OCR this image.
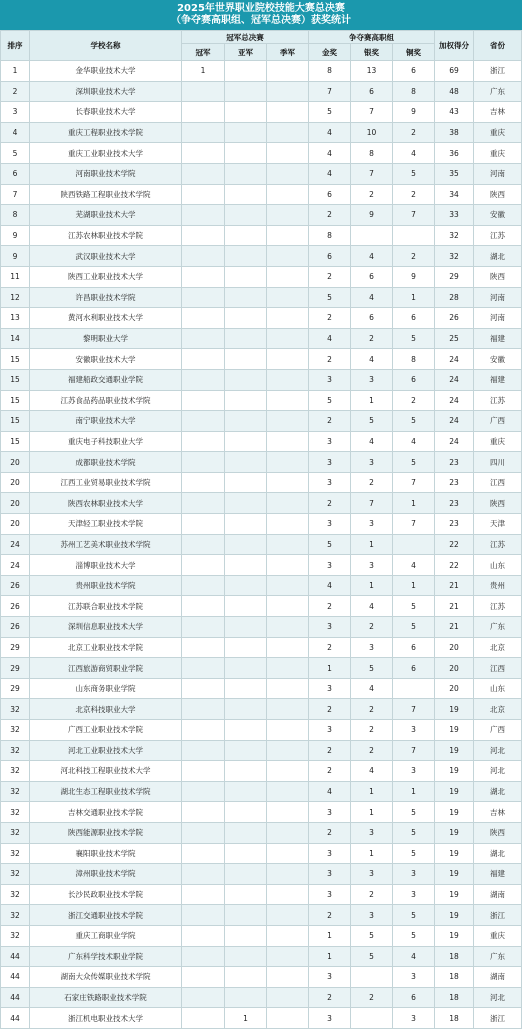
2025年世界职业院校技能大赛总决赛
（争夺赛高职组、冠军总决赛）获奖统计
排序	学校名称	冠军总决赛			争夺赛高职组			加权得分	省份
		冠军	亚军	季军	金奖	银奖	铜奖		
1	金华职业技术大学	1			8	13	6	69	浙江
2	深圳职业技术大学				7	6	8	48	广东
3	长春职业技术大学				5	7	9	43	吉林
4	重庆工程职业技术学院				4	10	2	38	重庆
5	重庆工业职业技术大学				4	8	4	36	重庆
6	河南职业技术学院				4	7	5	35	河南
7	陕西铁路工程职业技术学院				6	2	2	34	陕西
8	芜湖职业技术大学				2	9	7	33	安徽
9	江苏农林职业技术学院				8			32	江苏
9	武汉职业技术大学				6	4	2	32	湖北
11	陕西工业职业技术大学				2	6	9	29	陕西
12	许昌职业技术学院				5	4	1	28	河南
13	黄河水利职业技术大学				2	6	6	26	河南
14	黎明职业大学				4	2	5	25	福建
15	安徽职业技术大学				2	4	8	24	安徽
15	福建船政交通职业学院				3	3	6	24	福建
15	江苏食品药品职业技术学院				5	1	2	24	江苏
15	南宁职业技术大学				2	5	5	24	广西
15	重庆电子科技职业大学				3	4	4	24	重庆
20	成都职业技术学院				3	3	5	23	四川
20	江西工业贸易职业技术学院				3	2	7	23	江西
20	陕西农林职业技术大学				2	7	1	23	陕西
20	天津轻工职业技术学院				3	3	7	23	天津
24	苏州工艺美术职业技术学院				5	1		22	江苏
24	淄博职业技术大学				3	3	4	22	山东
26	贵州职业技术学院				4	1	1	21	贵州
26	江苏联合职业技术学院				2	4	5	21	江苏
26	深圳信息职业技术大学				3	2	5	21	广东
29	北京工业职业技术学院				2	3	6	20	北京
29	江西旅游商贸职业学院				1	5	6	20	江西
29	山东商务职业学院				3	4		20	山东
32	北京科技职业大学				2	2	7	19	北京
32	广西工业职业技术学院				3	2	3	19	广西
32	河北工业职业技术大学				2	2	7	19	河北
32	河北科技工程职业技术大学				2	4	3	19	河北
32	湖北生态工程职业技术学院				4	1	1	19	湖北
32	吉林交通职业技术学院				3	1	5	19	吉林
32	陕西能源职业技术学院				2	3	5	19	陕西
32	襄阳职业技术学院				3	1	5	19	湖北
32	漳州职业技术学院				3	3	3	19	福建
32	长沙民政职业技术学院				3	2	3	19	湖南
32	浙江交通职业技术学院				2	3	5	19	浙江
32	重庆工商职业学院				1	5	5	19	重庆
44	广东科学技术职业学院				1	5	4	18	广东
44	湖南大众传媒职业技术学院				3		3	18	湖南
44	石家庄铁路职业技术学院				2	2	6	18	河北
44	浙江机电职业技术大学		1		3		3	18	浙江
